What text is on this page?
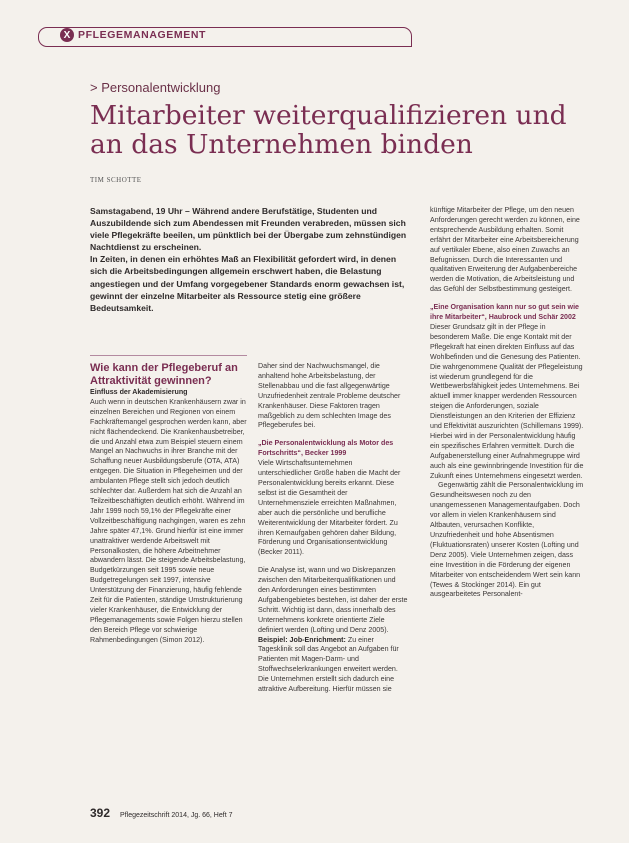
X PFLEGEMANAGEMENT
> Personalentwicklung
Mitarbeiter weiterqualifizieren und an das Unternehmen binden
TIM SCHOTTE

Samstagabend, 19 Uhr – Während andere Berufstätige, Studenten und Auszubildende sich zum Abendessen mit Freunden verabreden, müssen sich viele Pflegekräfte beeilen, um pünktlich bei der Übergabe zum zehnstündigen Nachtdienst zu erscheinen.

In Zeiten, in denen ein erhöhtes Maß an Flexibilität gefordert wird, in denen sich die Arbeitsbedingungen allgemein erschwert haben, die Belastung angestiegen und der Umfang vorgegebener Standards enorm gewachsen ist, gewinnt der einzelne Mitarbeiter als Ressource stetig eine größere Bedeutsamkeit.

Wie kann der Pflegeberuf an Attraktivität gewinnen?

Einfluss der Akademisierung

Auch wenn in deutschen Krankenhäusern zwar in einzelnen Bereichen und Regionen von einem Fachkräftemangel gesprochen werden kann, aber nicht flächendeckend. Die Krankenhausbetreiber, die und Anzahl etwa zum Beispiel steuern einem Mangel an Nachwuchs in ihrer Branche mit der Schaffung neuer Ausbildungsberufe (OTA, ATA) entgegen. Die Situation in Pflegeheimen und der ambulanten Pflege stellt sich jedoch deutlich schlechter dar. Außerdem hat sich die Anzahl an Teilzeitbeschäftigten deutlich erhöht. Während im Jahr 1999 noch 59,1% der Pflegekräfte einer Vollzeitbeschäftigung nachgingen, waren es zehn Jahre später 47,1%. Grund hierfür ist eine immer unattraktiver werdende Arbeitswelt mit Personalkosten, die höhere Arbeitnehmer abwandern lässt. Die steigende Arbeitsbelastung, Budgetkürzungen seit 1995 sowie neue Budgetregelungen seit 1997, intensive Unterstützung der Finanzierung, häufig fehlende Zeit für die Patienten, ständige Umstrukturierung vieler Krankenhäuser, die Entwicklung der Pflegemanagements sowie Folgen hierzu stellen den Bereich Pflege vor schwierige Rahmenbedingungen (Simon 2012).

Daher sind der Nachwuchsmangel, die anhaltend hohe Arbeitsbelastung, der Stellenabbau und die fast allgegenwärtige Unzufriedenheit zentrale Probleme deutscher Krankenhäuser. Diese Faktoren tragen maßgeblich zu dem schlechten Image des Pflegeberufes bei.

„Die Personalentwicklung als Motor des Fortschritts“, Becker 1999

Viele Wirtschaftsunternehmen unterschiedlicher Größe haben die Macht der Personalentwicklung bereits erkannt. Diese selbst ist die Gesamtheit der Unternehmensziele erreichten Maßnahmen, aber auch die persönliche und berufliche Weiterentwicklung der Mitarbeiter fördert. Zu ihren Kernaufgaben gehören daher Bildung, Förderung und Organisationsentwicklung (Becker 2011).

Die Analyse ist, wann und wo Diskrepanzen zwischen den Mitarbeiterqualifikationen und den Anforderungen eines bestimmten Aufgabengebietes bestehen, ist daher der erste Schritt. Wichtig ist dann, dass innerhalb des Unternehmens konkrete orientierte Ziele definiert werden (Lofting und Denz 2005).

Beispiel: Job-Enrichment: Zu einer Tagesklinik soll das Angebot an Aufgaben für Patienten mit Magen-Darm- und Stoffwechselerkrankungen erweitert werden. Die Unternehmen erstellt sich dadurch eine attraktive Aufbereitung. Hierfür müssen sie

künftige Mitarbeiter der Pflege, um den neuen Anforderungen gerecht werden zu können, eine entsprechende Ausbildung erhalten. Somit erfährt der Mitarbeiter eine Arbeitsbereicherung auf vertikaler Ebene, also einen Zuwachs an Befugnissen. Durch die Interessanten und qualitativen Erweiterung der Aufgabenbereiche werden die Motivation, die Arbeitsleistung und das Gefühl der Selbstbestimmung gesteigert.

„Eine Organisation kann nur so gut sein wie ihre Mitarbeiter“, Haubrock und Schär 2002

Dieser Grundsatz gilt in der Pflege in besonderem Maße. Die enge Kontakt mit der Pflegekraft hat einen direkten Einfluss auf das Wohlbefinden und die Genesung des Patienten. Die wahrgenommene Qualität der Pflegeleistung ist wiederum grundlegend für die Wettbewerbsfähigkeit jedes Unternehmens. Bei aktuell immer knapper werdenden Ressourcen steigen die Anforderungen, soziale Dienstleistungen an den Kriterien der Effizienz und Effektivität auszurichten (Schillemans 1999). Hierbei wird in der Personalentwicklung häufig ein spezifisches Erfahren vermittelt. Durch die Aufgabenerstellung einer Aufnahmegruppe wird auch als eine gewinnbringende Investition für die Zukunft eines Unternehmens eingesetzt werden.

Gegenwärtig zählt die Personalentwicklung im Gesundheitswesen noch zu den unangemessenen Managementaufgaben. Doch vor allem in vielen Krankenhäusern sind Altbauten, verursachen Konflikte, Unzufriedenheit und hohe Absentismen (Fluktuationsraten) unserer Kosten (Lofting und Denz 2005). Viele Unternehmen zeigen, dass eine Investition in die Förderung der eigenen Mitarbeiter von entscheidendem Wert sein kann (Tewes & Stockinger 2014). Ein gut ausgearbeitetes Personalent-

392 Pflegezeitschrift 2014, Jg. 66, Heft 7
